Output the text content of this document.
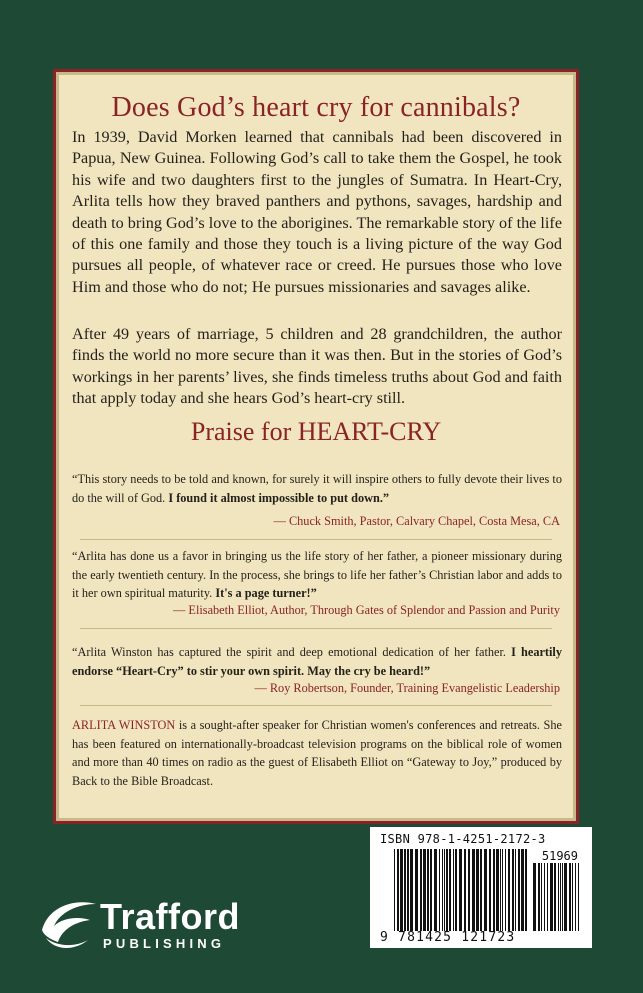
Does God’s heart cry for cannibals?

In 1939, David Morken learned that cannibals had been discovered in Papua, New Guinea. Following God’s call to take them the Gospel, he took his wife and two daughters first to the jungles of Sumatra. In Heart-Cry, Arlita tells how they braved panthers and pythons, savages, hardship and death to bring God’s love to the aborigines. The remarkable story of the life of this one family and those they touch is a living picture of the way God pursues all people, of whatever race or creed. He pursues those who love Him and those who do not; He pursues missionaries and savages alike.

After 49 years of marriage, 5 children and 28 grandchildren, the author finds the world no more secure than it was then. But in the stories of God’s workings in her parents’ lives, she finds timeless truths about God and faith that apply today and she hears God’s heart-cry still.

Praise for HEART-CRY

“This story needs to be told and known, for surely it will inspire others to fully devote their lives to do the will of God. I found it almost impossible to put down.”

— Chuck Smith, Pastor, Calvary Chapel, Costa Mesa, CA

“Arlita has done us a favor in bringing us the life story of her father, a pioneer missionary during the early twentieth century. In the process, she brings to life her father’s Christian labor and adds to it her own spiritual maturity. It's a page turner!”

— Elisabeth Elliot, Author, Through Gates of Splendor and Passion and Purity

“Arlita Winston has captured the spirit and deep emotional dedication of her father. I heartily endorse “Heart-Cry” to stir your own spirit. May the cry be heard!”

— Roy Robertson, Founder, Training Evangelistic Leadership

ARLITA WINSTON is a sought-after speaker for Christian women's conferences and retreats. She has been featured on internationally-broadcast television programs on the biblical role of women and more than 40 times on radio as the guest of Elisabeth Elliot on “Gateway to Joy,” produced by Back to the Bible Broadcast.

ISBN 978-1-4251-2172-3
51969
9 781425 121723
Trafford
PUBLISHING
